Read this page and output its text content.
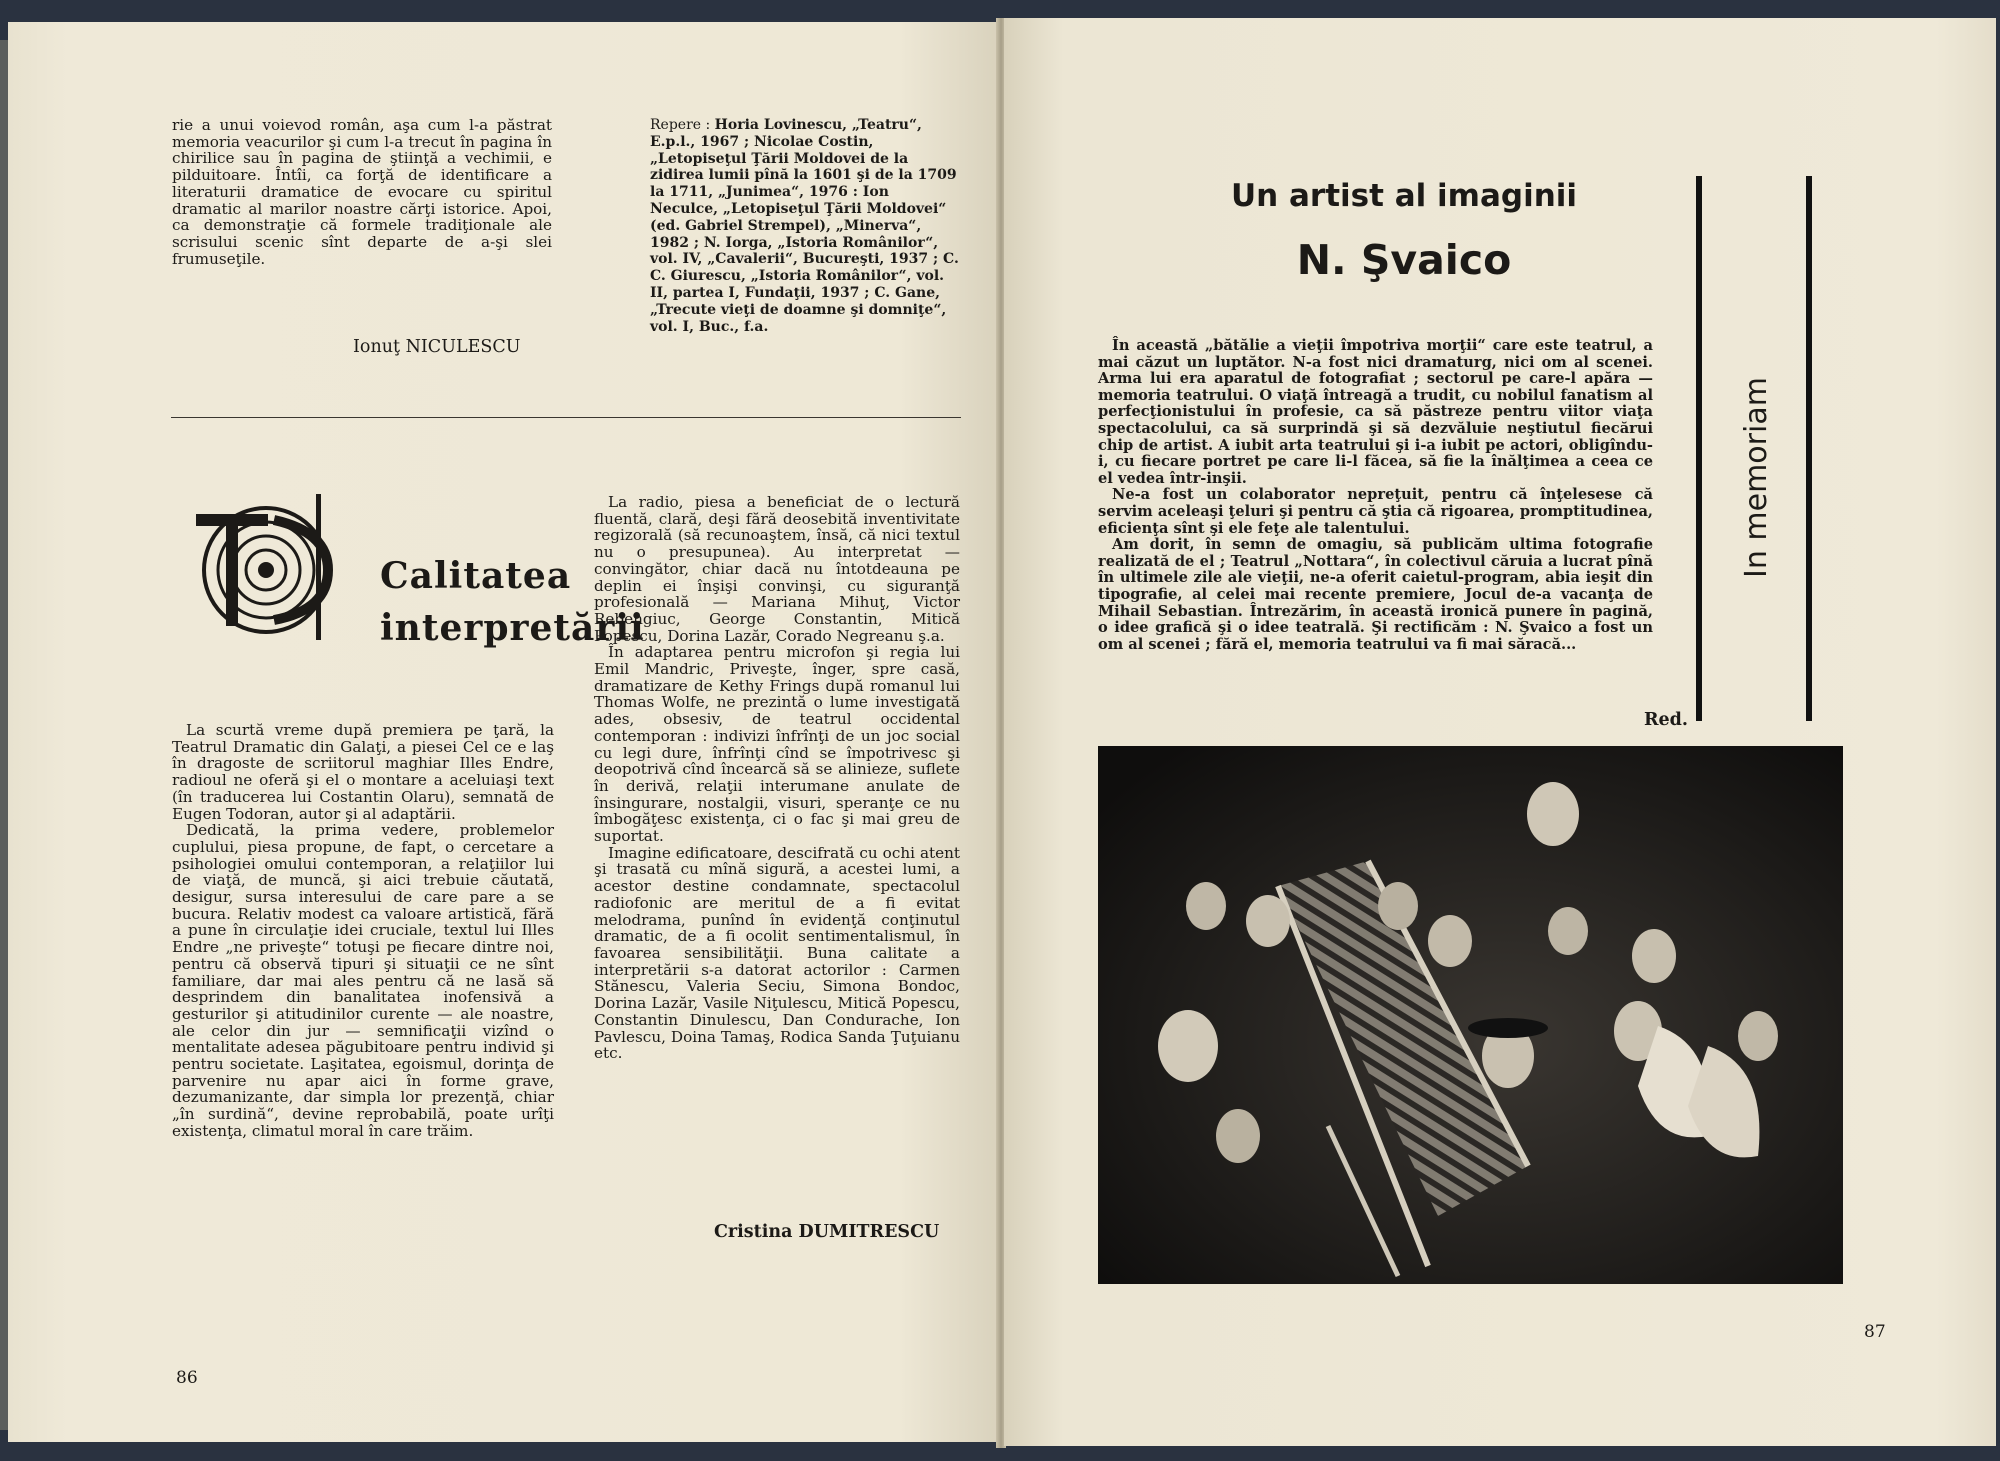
rie a unui voievod român, aşa cum l-a păstrat memoria veacurilor şi cum l-a trecut în pagina în chirilice sau în pagina de ştiinţă a vechimii, e pilduitoare. Întîi, ca forţă de identificare a literaturii dramatice de evocare cu spiritul dramatic al marilor noastre cărţi istorice. Apoi, ca demonstraţie că formele tradiţionale ale scrisului scenic sînt departe de a-şi slei frumuseţile.

Ionuţ NICULESCU
Repere : Horia Lovinescu, „Teatru“, E.p.l., 1967 ; Nicolae Costin, „Letopiseţul Ţării Moldovei de la zidirea lumii pînă la 1601 şi de la 1709 la 1711, „Junimea“, 1976 : Ion Neculce, „Letopiseţul Ţării Moldovei“ (ed. Gabriel Strempel), „Minerva“, 1982 ; N. Iorga, „Istoria Românilor“, vol. IV, „Cavalerii“, Bucureşti, 1937 ; C. C. Giurescu, „Istoria Românilor“, vol. II, partea I, Fundaţii, 1937 ; C. Gane, „Trecute vieţi de doamne şi domniţe“, vol. I, Buc., f.a.
Calitatea
interpretării

La scurtă vreme după premiera pe ţară, la Teatrul Dramatic din Galaţi, a piesei Cel ce e laş în dragoste de scriitorul maghiar Illes Endre, radioul ne oferă şi el o montare a aceluiaşi text (în traducerea lui Costantin Olaru), semnată de Eugen Todoran, autor şi al adaptării.

Dedicată, la prima vedere, problemelor cuplului, piesa propune, de fapt, o cercetare a psihologiei omului contemporan, a relaţiilor lui de viaţă, de muncă, şi aici trebuie căutată, desigur, sursa interesului de care pare a se bucura. Relativ modest ca valoare artistică, fără a pune în circulaţie idei cruciale, textul lui Illes Endre „ne priveşte“ totuşi pe fiecare dintre noi, pentru că observă tipuri şi situaţii ce ne sînt familiare, dar mai ales pentru că ne lasă să desprindem din banalitatea inofensivă a gesturilor şi atitudinilor curente — ale noastre, ale celor din jur — semnificaţii vizînd o mentalitate adesea păgubitoare pentru individ şi pentru societate. Laşitatea, egoismul, dorinţa de parvenire nu apar aici în forme grave, dezumanizante, dar simpla lor prezenţă, chiar „în surdină“, devine reprobabilă, poate urîţi existenţa, climatul moral în care trăim.

La radio, piesa a beneficiat de o lectură fluentă, clară, deşi fără deosebită inventivitate regizorală (să recunoaştem, însă, că nici textul nu o presupunea). Au interpretat — convingător, chiar dacă nu întotdeauna pe deplin ei înşişi convinşi, cu siguranţă profesională — Mariana Mihuţ, Victor Rebengiuc, George Constantin, Mitică Popescu, Dorina Lazăr, Corado Negreanu ş.a.

În adaptarea pentru microfon şi regia lui Emil Mandric, Priveşte, înger, spre casă, dramatizare de Kethy Frings după romanul lui Thomas Wolfe, ne prezintă o lume investigată ades, obsesiv, de teatrul occidental contemporan : indivizi înfrînţi de un joc social cu legi dure, înfrînţi cînd se împotrivesc şi deopotrivă cînd încearcă să se alinieze, suflete în derivă, relaţii interumane anulate de însingurare, nostalgii, visuri, speranţe ce nu îmbogăţesc existenţa, ci o fac şi mai greu de suportat.

Imagine edificatoare, descifrată cu ochi atent şi trasată cu mînă sigură, a acestei lumi, a acestor destine condamnate, spectacolul radiofonic are meritul de a fi evitat melodrama, punînd în evidenţă conţinutul dramatic, de a fi ocolit sentimentalismul, în favoarea sensibilităţii. Buna calitate a interpretării s-a datorat actorilor : Carmen Stănescu, Valeria Seciu, Simona Bondoc, Dorina Lazăr, Vasile Niţulescu, Mitică Popescu, Constantin Dinulescu, Dan Condurache, Ion Pavlescu, Doina Tamaş, Rodica Sanda Ţuţuianu etc.

Cristina DUMITRESCU
86
Un artist al imaginii
N. Şvaico
In memoriam

În această „bătălie a vieţii împotriva morţii“ care este teatrul, a mai căzut un luptător. N-a fost nici dramaturg, nici om al scenei. Arma lui era aparatul de fotografiat ; sectorul pe care-l apăra — memoria teatrului. O viaţă întreagă a trudit, cu nobilul fanatism al perfecţionistului în profesie, ca să păstreze pentru viitor viaţa spectacolului, ca să surprindă şi să dezvăluie neştiutul fiecărui chip de artist. A iubit arta teatrului şi i-a iubit pe actori, obligîndu-i, cu fiecare portret pe care li-l făcea, să fie la înălţimea a ceea ce el vedea într-inşii.

Ne-a fost un colaborator nepreţuit, pentru că înţelesese că servim aceleaşi ţeluri şi pentru că ştia că rigoarea, promptitudinea, eficienţa sînt şi ele feţe ale talentului.

Am dorit, în semn de omagiu, să publicăm ultima fotografie realizată de el ; Teatrul „Nottara“, în colectivul căruia a lucrat pînă în ultimele zile ale vieţii, ne-a oferit caietul-program, abia ieşit din tipografie, al celei mai recente premiere, Jocul de-a vacanţa de Mihail Sebastian. Întrezărim, în această ironică punere în pagină, o idee grafică şi o idee teatrală. Şi rectificăm : N. Şvaico a fost un om al scenei ; fără el, memoria teatrului va fi mai săracă...

Red.
87
